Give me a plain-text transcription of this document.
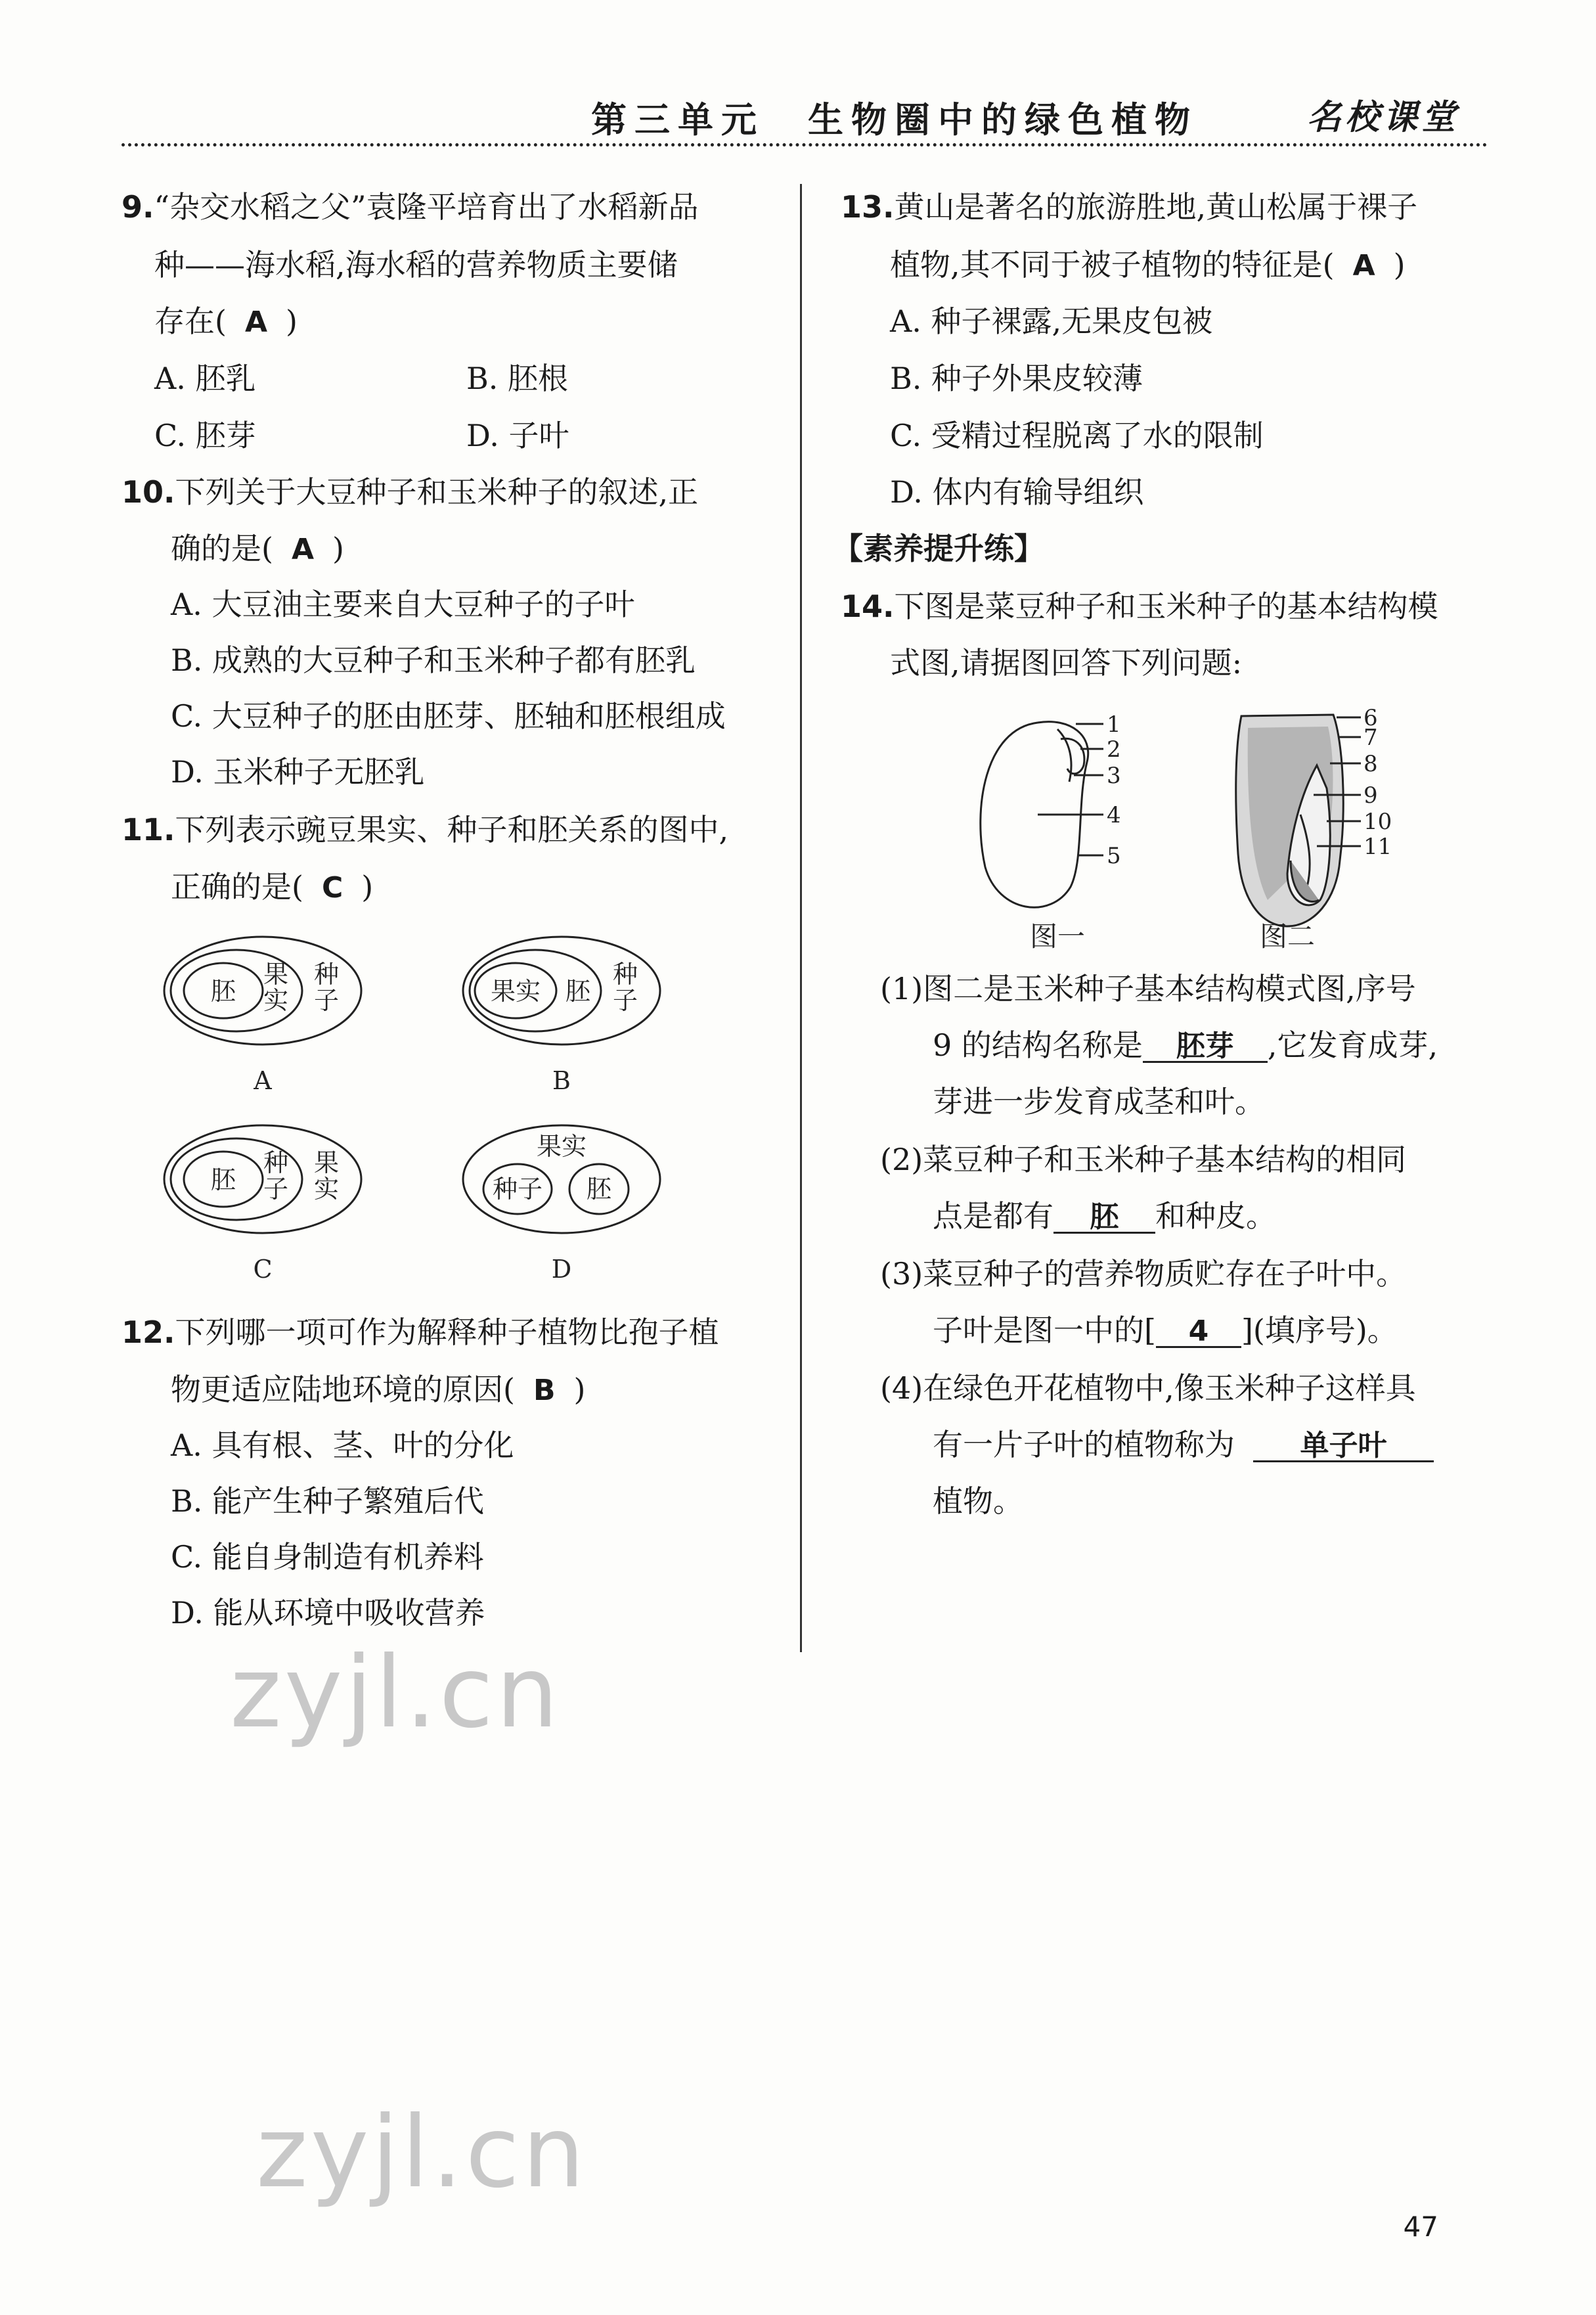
第三单元　生物圈中的绿色植物	名校课堂
9.“杂交水稻之父”袁隆平培育出了水稻新品
种——海水稻,海水稻的营养物质主要储
存在( A )
A. 胚乳	B. 胚根
C. 胚芽	D. 子叶
10.下列关于大豆种子和玉米种子的叙述,正
确的是( A )
A. 大豆油主要来自大豆种子的子叶
B. 成熟的大豆种子和玉米种子都有胚乳
C. 大豆种子的胚由胚芽、胚轴和胚根组成
D. 玉米种子无胚乳
11.下列表示豌豆果实、种子和胚关系的图中,
正确的是( C )
胚
果
实
种
子
A
果实 胚
种
子
B
胚
种
子
果
实
C
果实
种子 胚
D
12.下列哪一项可作为解释种子植物比孢子植
物更适应陆地环境的原因( B )
A. 具有根、茎、叶的分化
B. 能产生种子繁殖后代
C. 能自身制造有机养料
D. 能从环境中吸收营养
13.黄山是著名的旅游胜地,黄山松属于裸子
植物,其不同于被子植物的特征是( A )
A. 种子裸露,无果皮包被
B. 种子外果皮较薄
C. 受精过程脱离了水的限制
D. 体内有输导组织
【素养提升练】
14.下图是菜豆种子和玉米种子的基本结构模
式图,请据图回答下列问题:
1
2
3
4
5
图一
6
7
8
9
10
11
图二
(1)图二是玉米种子基本结构模式图,序号
9 的结构名称是 胚芽 ,它发育成芽,
芽进一步发育成茎和叶。
(2)菜豆种子和玉米种子基本结构的相同
点是都有 胚 和种皮。
(3)菜豆种子的营养物质贮存在子叶中。
子叶是图一中的[ 4 ](填序号)。
(4)在绿色开花植物中,像玉米种子这样具
有一片子叶的植物称为 单子叶
植物。
zyjl.cn
zyjl.cn
47
